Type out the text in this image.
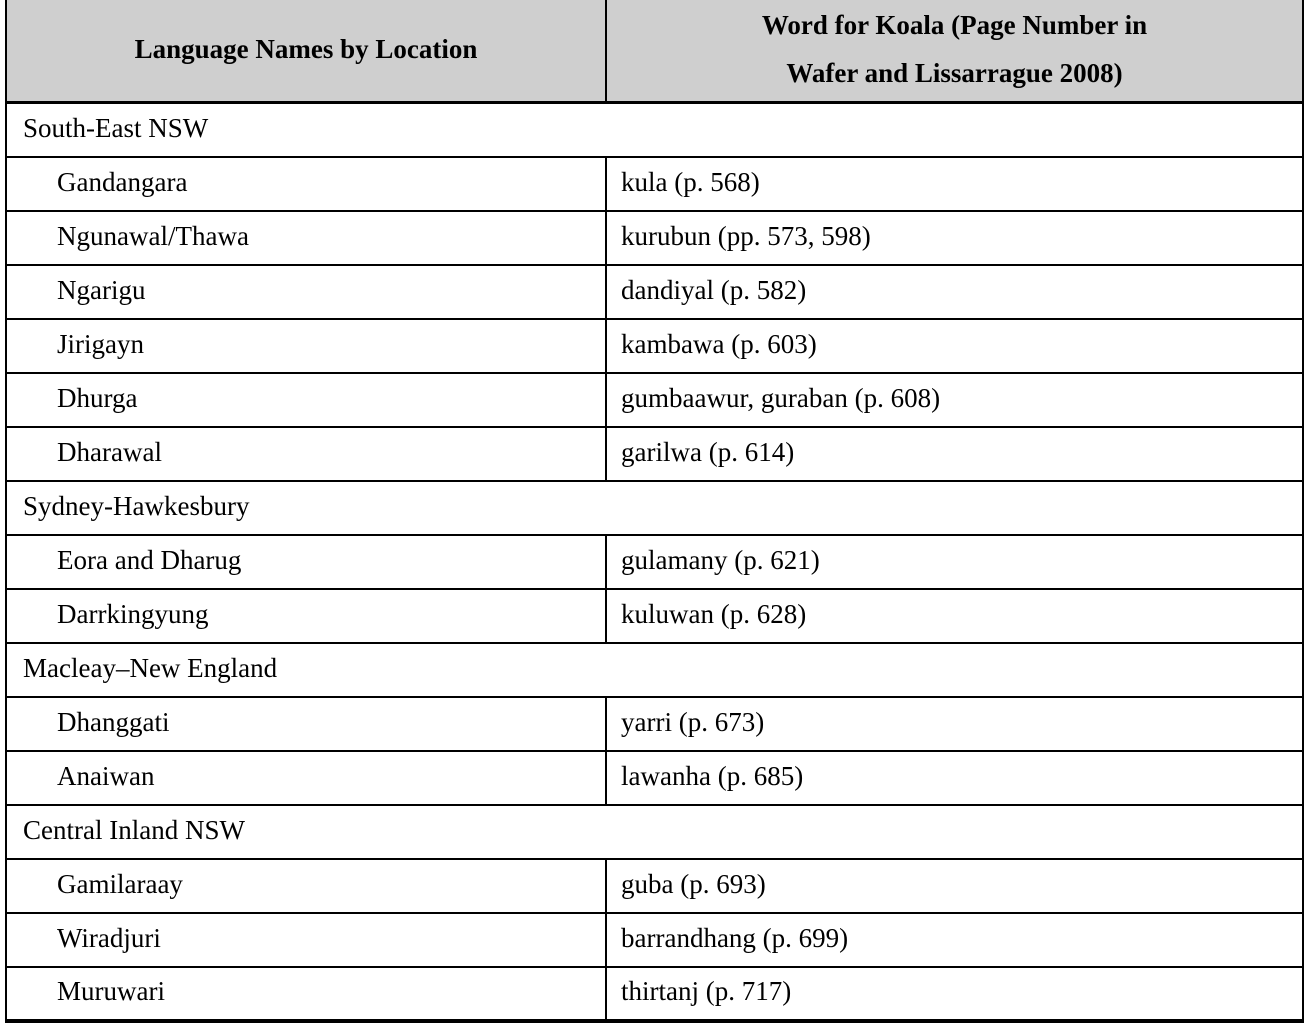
Language Names by Location	Word for Koala (Page Number in
Wafer and Lissarrague 2008)

South-East NSW	
Gandangara	kula (p. 568)
Ngunawal/Thawa	kurubun (pp. 573, 598)
Ngarigu	dandiyal (p. 582)
Jirigayn	kambawa (p. 603)
Dhurga	gumbaawur, guraban (p. 608)
Dharawal	garilwa (p. 614)
Sydney-Hawkesbury	
Eora and Dharug	gulamany (p. 621)
Darrkingyung	kuluwan (p. 628)
Macleay–New England	
Dhanggati	yarri (p. 673)
Anaiwan	lawanha (p. 685)
Central Inland NSW	
Gamilaraay	guba (p. 693)
Wiradjuri	barrandhang (p. 699)
Muruwari	thirtanj (p. 717)
